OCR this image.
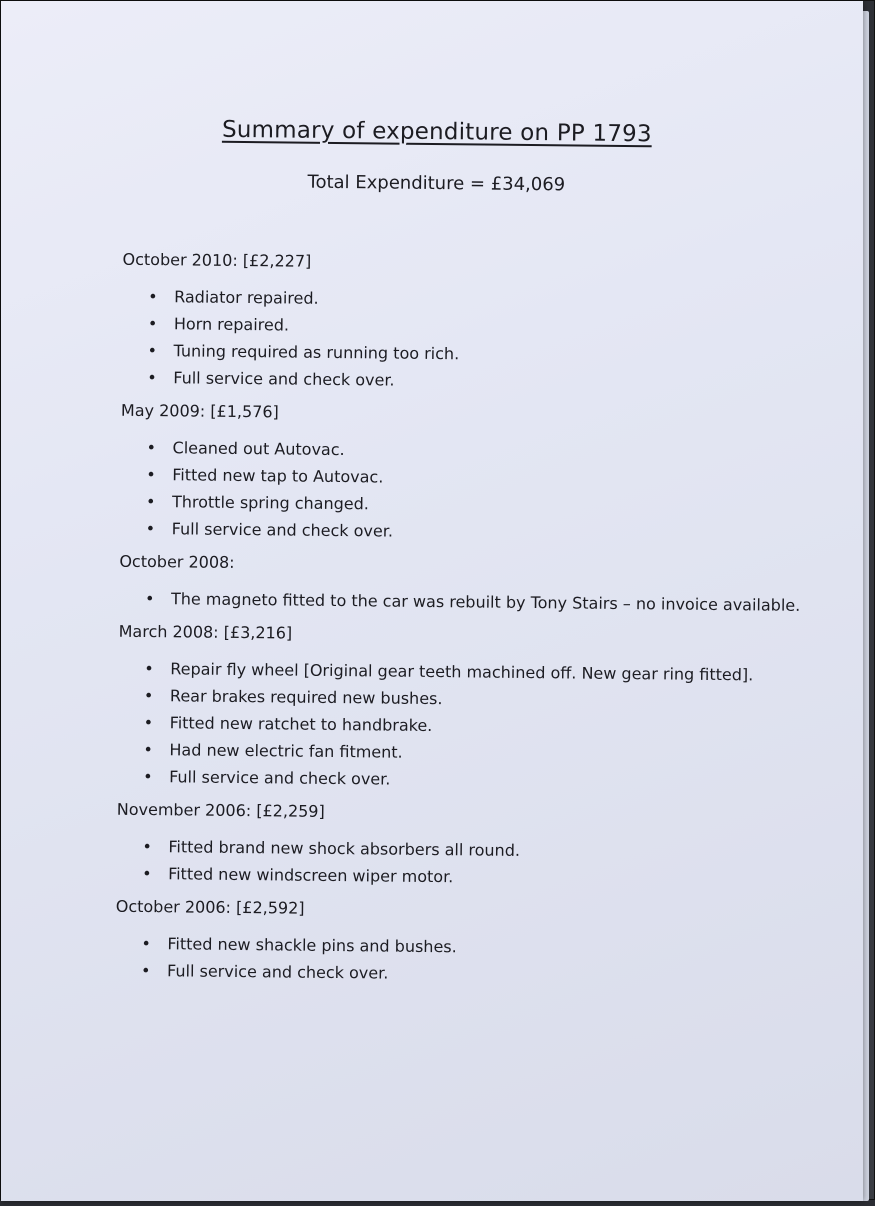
Summary of expenditure on PP 1793

Total Expenditure = £34,069

October 2010: [£2,227]
• Radiator repaired.
• Horn repaired.
• Tuning required as running too rich.
• Full service and check over.
May 2009: [£1,576]
• Cleaned out Autovac.
• Fitted new tap to Autovac.
• Throttle spring changed.
• Full service and check over.
October 2008:
• The magneto fitted to the car was rebuilt by Tony Stairs – no invoice available.
March 2008: [£3,216]
• Repair fly wheel [Original gear teeth machined off. New gear ring fitted].
• Rear brakes required new bushes.
• Fitted new ratchet to handbrake.
• Had new electric fan fitment.
• Full service and check over.
November 2006: [£2,259]
• Fitted brand new shock absorbers all round.
• Fitted new windscreen wiper motor.
October 2006: [£2,592]
• Fitted new shackle pins and bushes.
• Full service and check over.
